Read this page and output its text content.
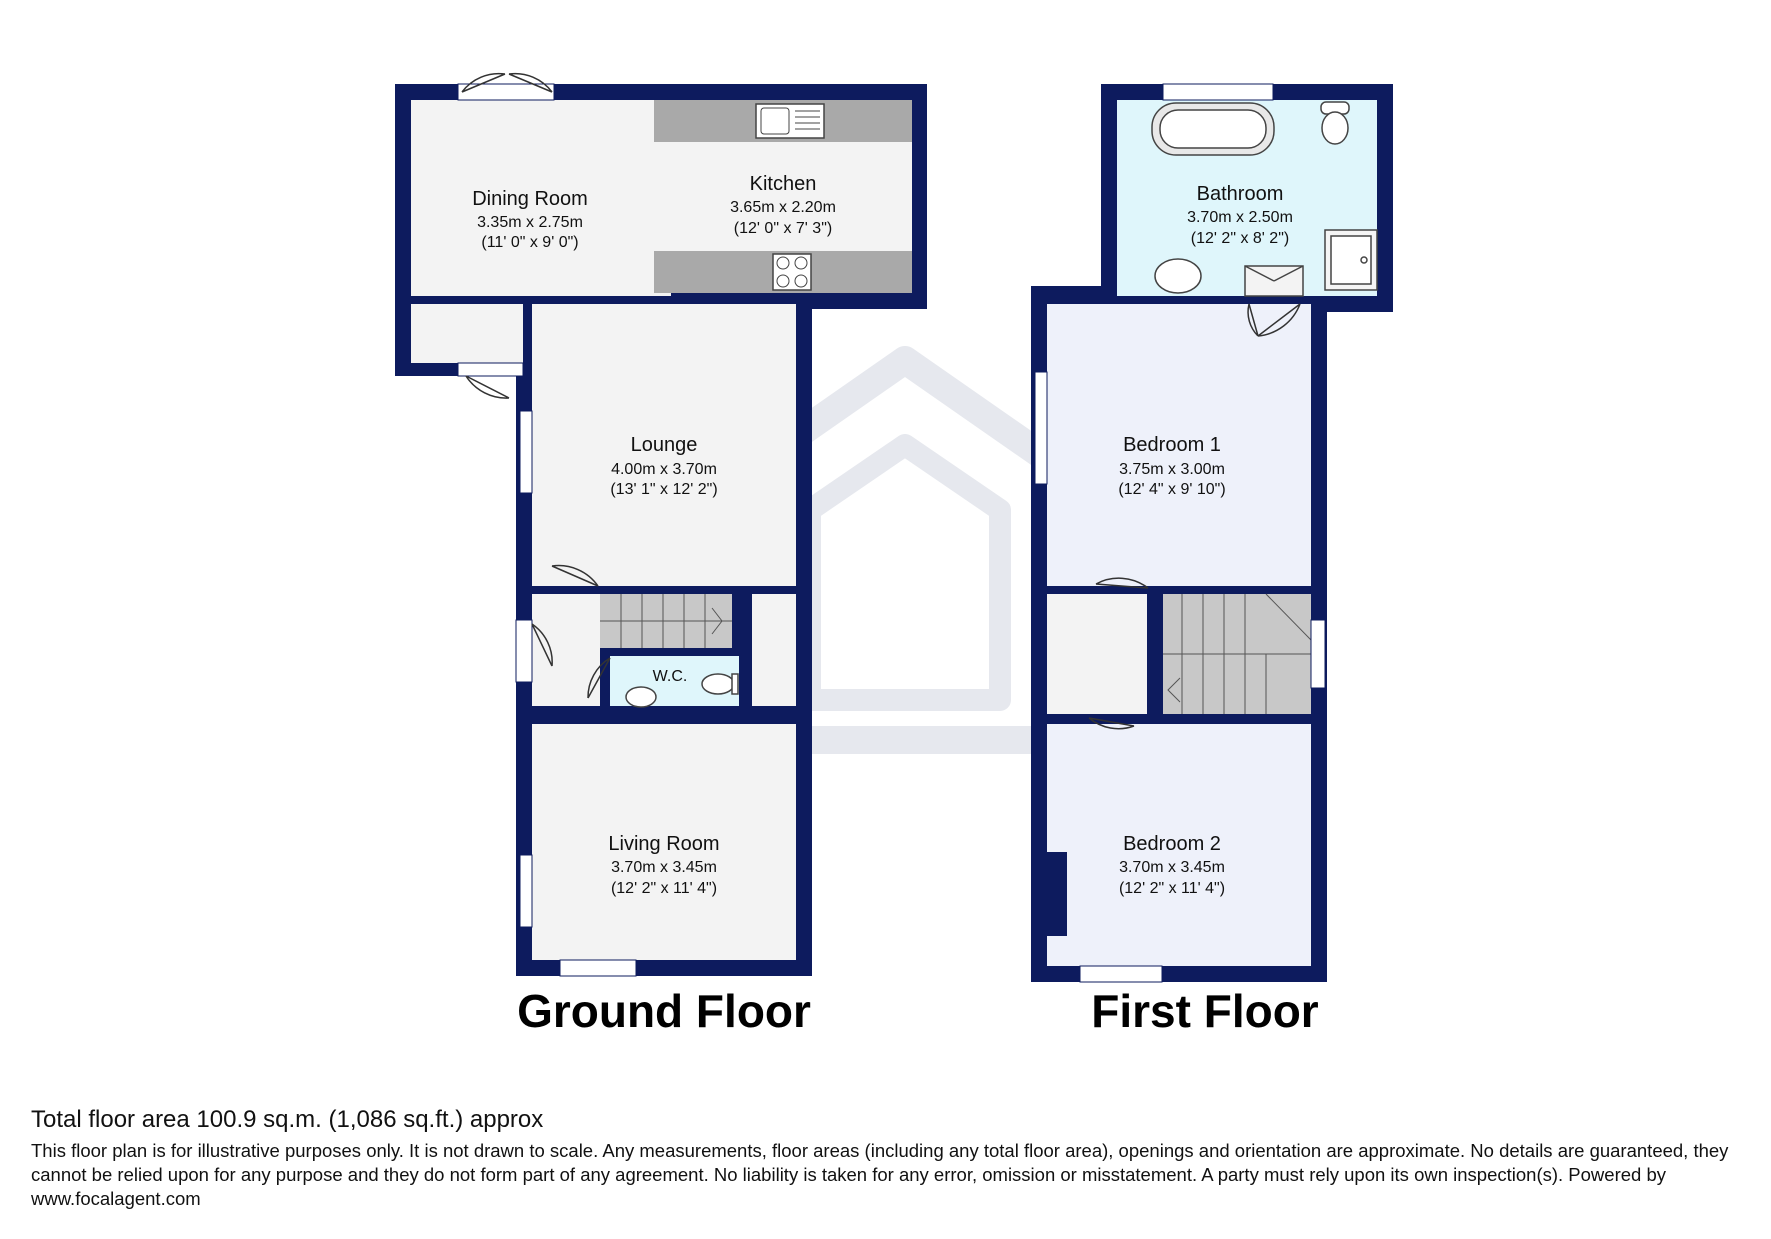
Dining Room
3.35m x 2.75m
(11' 0" x 9' 0")
Kitchen
3.65m x 2.20m
(12' 0" x 7' 3")
Lounge
4.00m x 3.70m
(13' 1" x 12' 2")
W.C.
Living Room
3.70m x 3.45m
(12' 2" x 11' 4")
Ground Floor
Bathroom
3.70m x 2.50m
(12' 2" x 8' 2")
Bedroom 1
3.75m x 3.00m
(12' 4" x 9' 10")
Bedroom 2
3.70m x 3.45m
(12' 2" x 11' 4")
First Floor
Total floor area 100.9 sq.m. (1,086 sq.ft.) approx
This floor plan is for illustrative purposes only. It is not drawn to scale. Any measurements, floor areas (including any total floor area), openings and orientation are approximate. No details are guaranteed, they cannot be relied upon for any purpose and they do not form part of any agreement. No liability is taken for any error, omission or misstatement. A party must rely upon its own inspection(s). Powered by www.focalagent.com
